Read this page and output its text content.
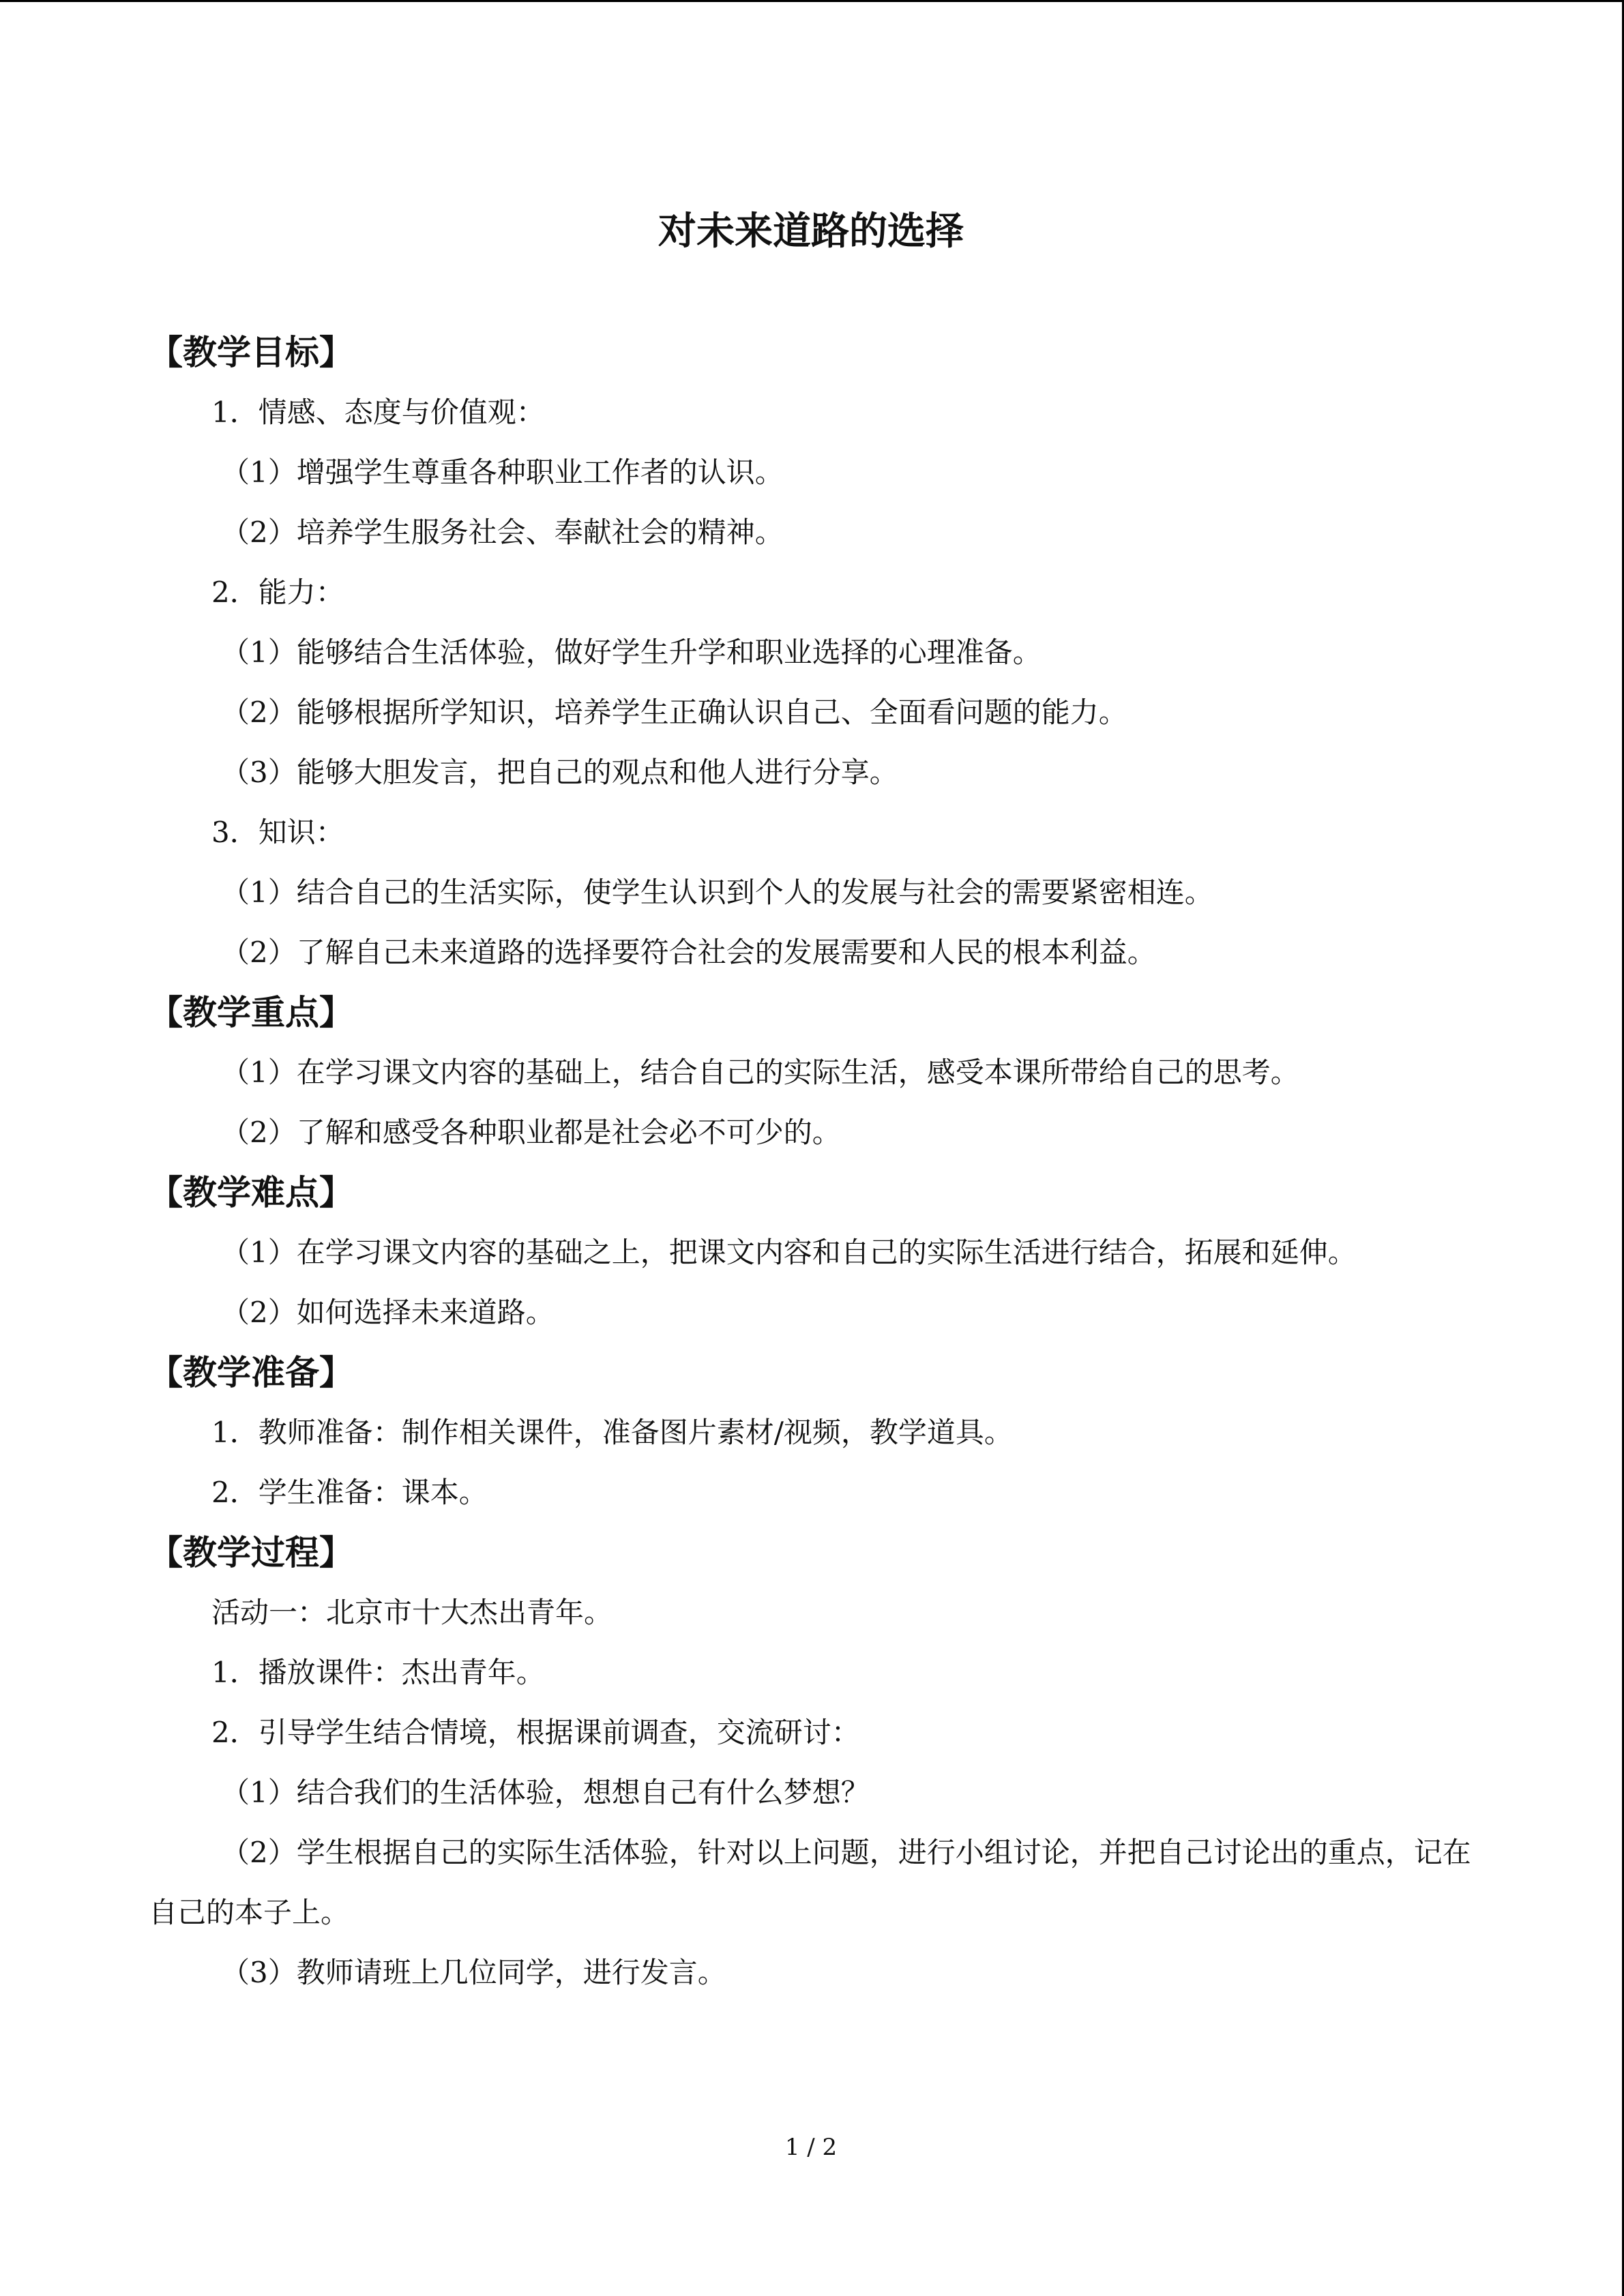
对未来道路的选择
【教学目标】
1．情感、态度与价值观：
（1）增强学生尊重各种职业工作者的认识。
（2）培养学生服务社会、奉献社会的精神。
2．能力：
（1）能够结合生活体验，做好学生升学和职业选择的心理准备。
（2）能够根据所学知识，培养学生正确认识自己、全面看问题的能力。
（3）能够大胆发言，把自己的观点和他人进行分享。
3．知识：
（1）结合自己的生活实际，使学生认识到个人的发展与社会的需要紧密相连。
（2）了解自己未来道路的选择要符合社会的发展需要和人民的根本利益。
【教学重点】
（1）在学习课文内容的基础上，结合自己的实际生活，感受本课所带给自己的思考。
（2）了解和感受各种职业都是社会必不可少的。
【教学难点】
（1）在学习课文内容的基础之上，把课文内容和自己的实际生活进行结合，拓展和延伸。
（2）如何选择未来道路。
【教学准备】
1．教师准备：制作相关课件，准备图片素材/视频，教学道具。
2．学生准备：课本。
【教学过程】
活动一：北京市十大杰出青年。
1．播放课件：杰出青年。
2．引导学生结合情境，根据课前调查，交流研讨：
（1）结合我们的生活体验，想想自己有什么梦想？
（2）学生根据自己的实际生活体验，针对以上问题，进行小组讨论，并把自己讨论出的重点，记在自己的本子上。
（3）教师请班上几位同学，进行发言。
1 / 2
